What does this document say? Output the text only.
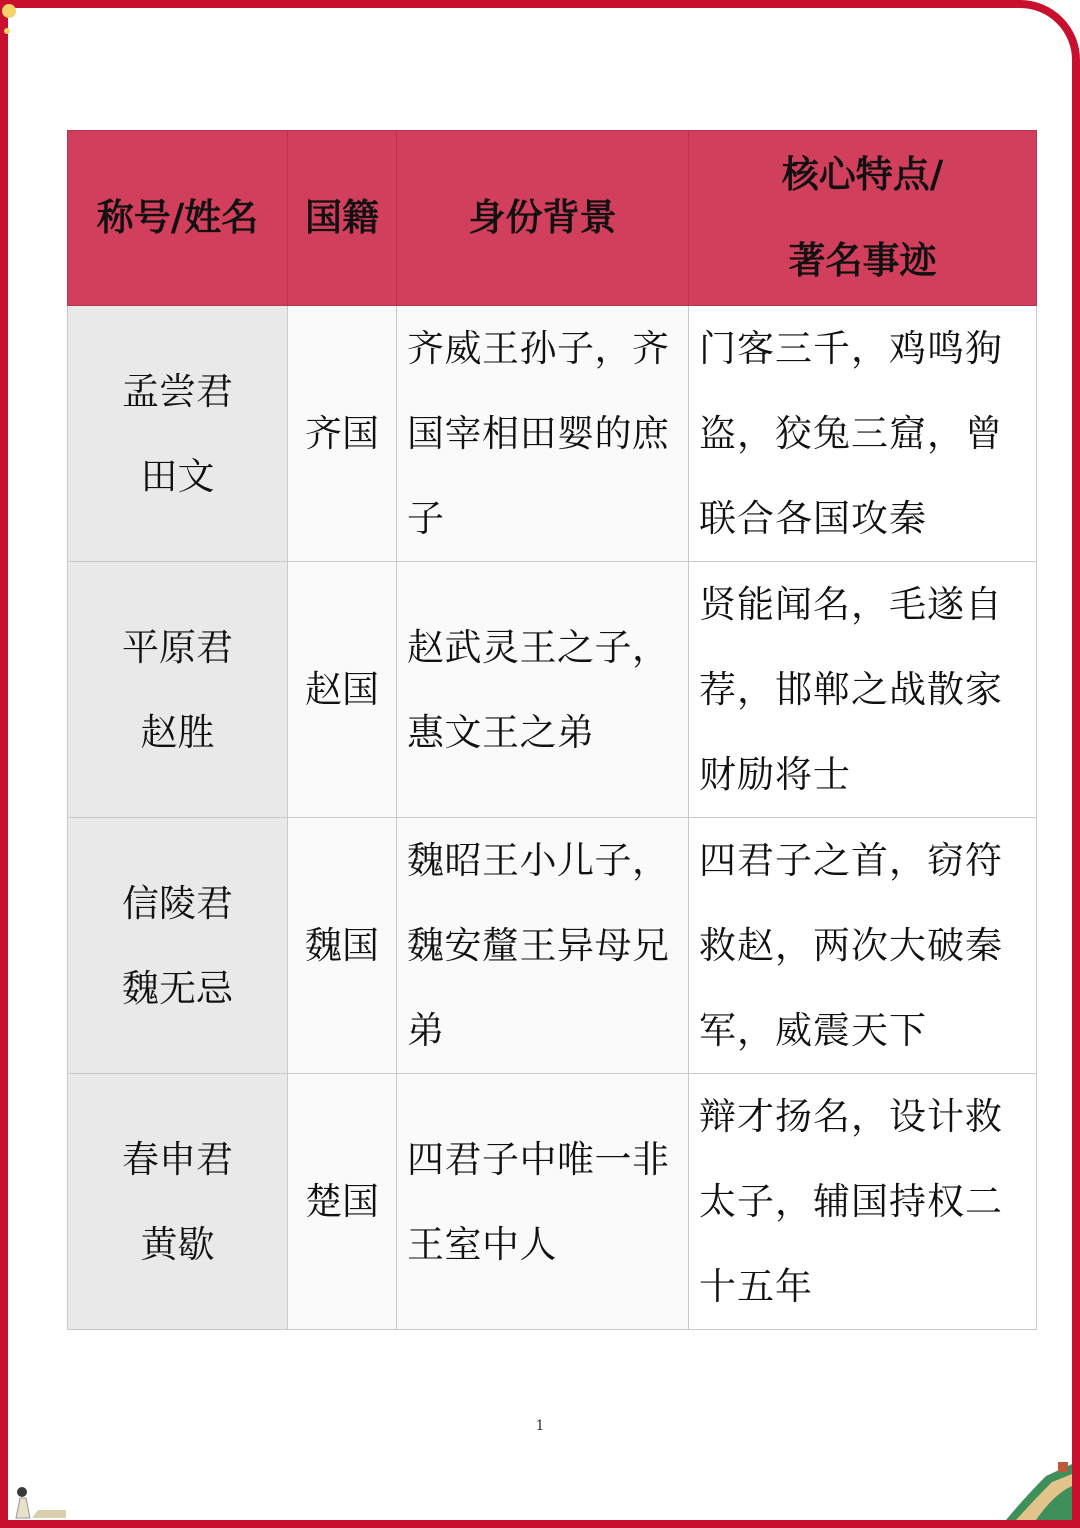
称号/姓名	国籍	身份背景	核心特点/
著名事迹

孟尝君
田文	齐国	齐威王孙子，齐国宰相田婴的庶子	门客三千，鸡鸣狗盗，狡兔三窟，曾联合各国攻秦

平原君
赵胜	赵国	赵武灵王之子，惠文王之弟	贤能闻名，毛遂自荐，邯郸之战散家财励将士

信陵君
魏无忌	魏国	魏昭王小儿子，魏安釐王异母兄弟	四君子之首，窃符救赵，两次大破秦军，威震天下

春申君
黄歇	楚国	四君子中唯一非王室中人	辩才扬名，设计救太子，辅国持权二十五年
1
